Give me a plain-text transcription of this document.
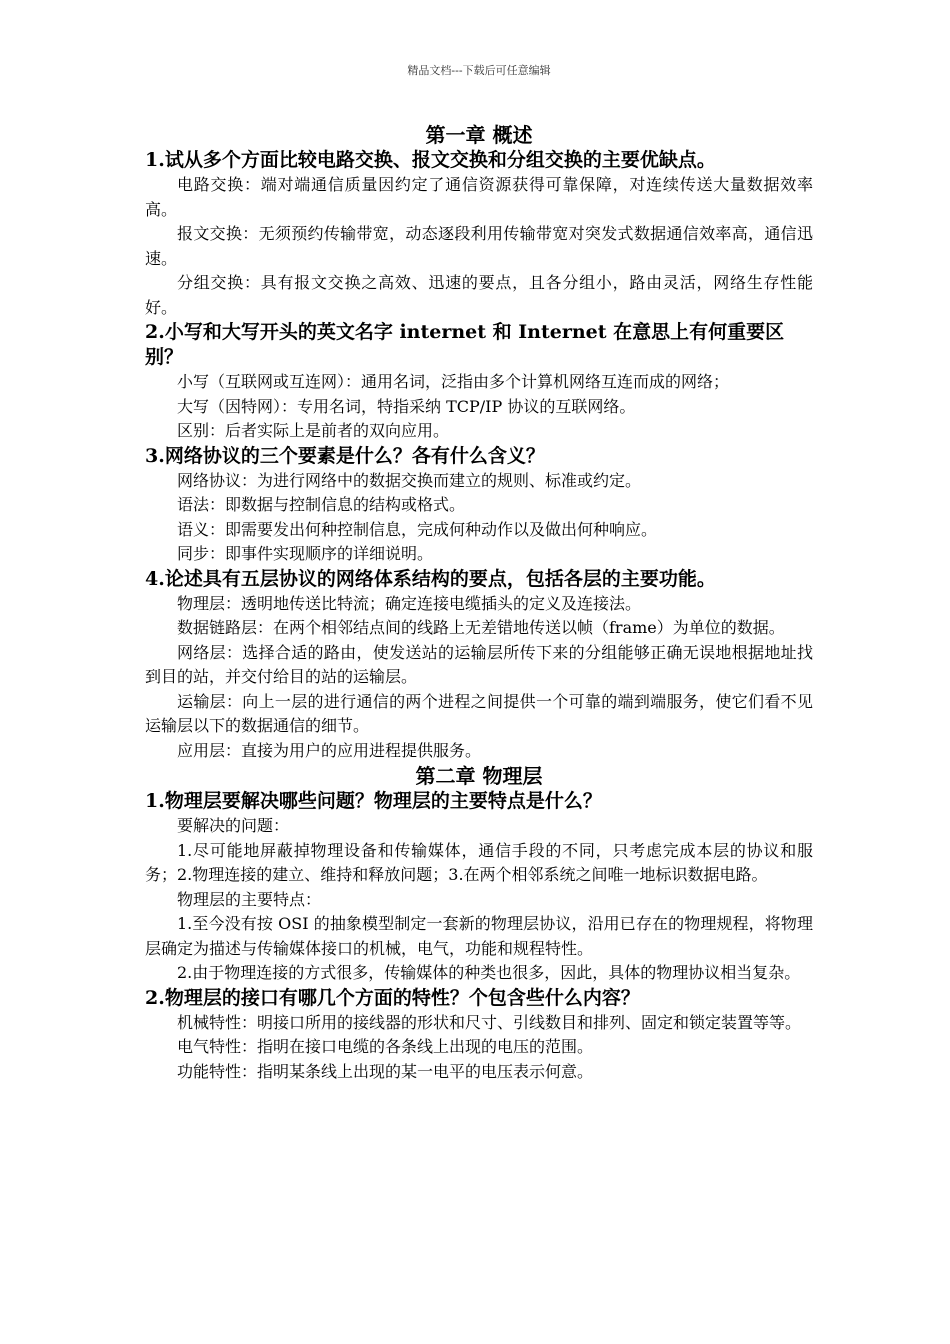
精品文档---下载后可任意编辑
第一章 概述
1.试从多个方面比较电路交换、报文交换和分组交换的主要优缺点。

电路交换：端对端通信质量因约定了通信资源获得可靠保障，对连续传送大量数据效率高。

报文交换：无须预约传输带宽，动态逐段利用传输带宽对突发式数据通信效率高，通信迅速。

分组交换：具有报文交换之高效、迅速的要点，且各分组小，路由灵活，网络生存性能好。

2.小写和大写开头的英文名字 internet 和 Internet 在意思上有何重要区别？

小写（互联网或互连网）：通用名词，泛指由多个计算机网络互连而成的网络；

大写（因特网）：专用名词，特指采纳 TCP/IP 协议的互联网络。

区别：后者实际上是前者的双向应用。

3.网络协议的三个要素是什么？各有什么含义？

网络协议：为进行网络中的数据交换而建立的规则、标准或约定。

语法：即数据与控制信息的结构或格式。

语义：即需要发出何种控制信息，完成何种动作以及做出何种响应。

同步：即事件实现顺序的详细说明。

4.论述具有五层协议的网络体系结构的要点，包括各层的主要功能。

物理层：透明地传送比特流；确定连接电缆插头的定义及连接法。

数据链路层：在两个相邻结点间的线路上无差错地传送以帧（frame）为单位的数据。

网络层：选择合适的路由，使发送站的运输层所传下来的分组能够正确无误地根据地址找到目的站，并交付给目的站的运输层。

运输层：向上一层的进行通信的两个进程之间提供一个可靠的端到端服务，使它们看不见运输层以下的数据通信的细节。

应用层：直接为用户的应用进程提供服务。

第二章 物理层
1.物理层要解决哪些问题？物理层的主要特点是什么？

要解决的问题：

1.尽可能地屏蔽掉物理设备和传输媒体，通信手段的不同，只考虑完成本层的协议和服务；2.物理连接的建立、维持和释放问题；3.在两个相邻系统之间唯一地标识数据电路。

物理层的主要特点：

1.至今没有按 OSI 的抽象模型制定一套新的物理层协议，沿用已存在的物理规程，将物理层确定为描述与传输媒体接口的机械，电气，功能和规程特性。

2.由于物理连接的方式很多，传输媒体的种类也很多，因此，具体的物理协议相当复杂。

2.物理层的接口有哪几个方面的特性？个包含些什么内容？

机械特性：明接口所用的接线器的形状和尺寸、引线数目和排列、固定和锁定装置等等。

电气特性：指明在接口电缆的各条线上出现的电压的范围。

功能特性：指明某条线上出现的某一电平的电压表示何意。
